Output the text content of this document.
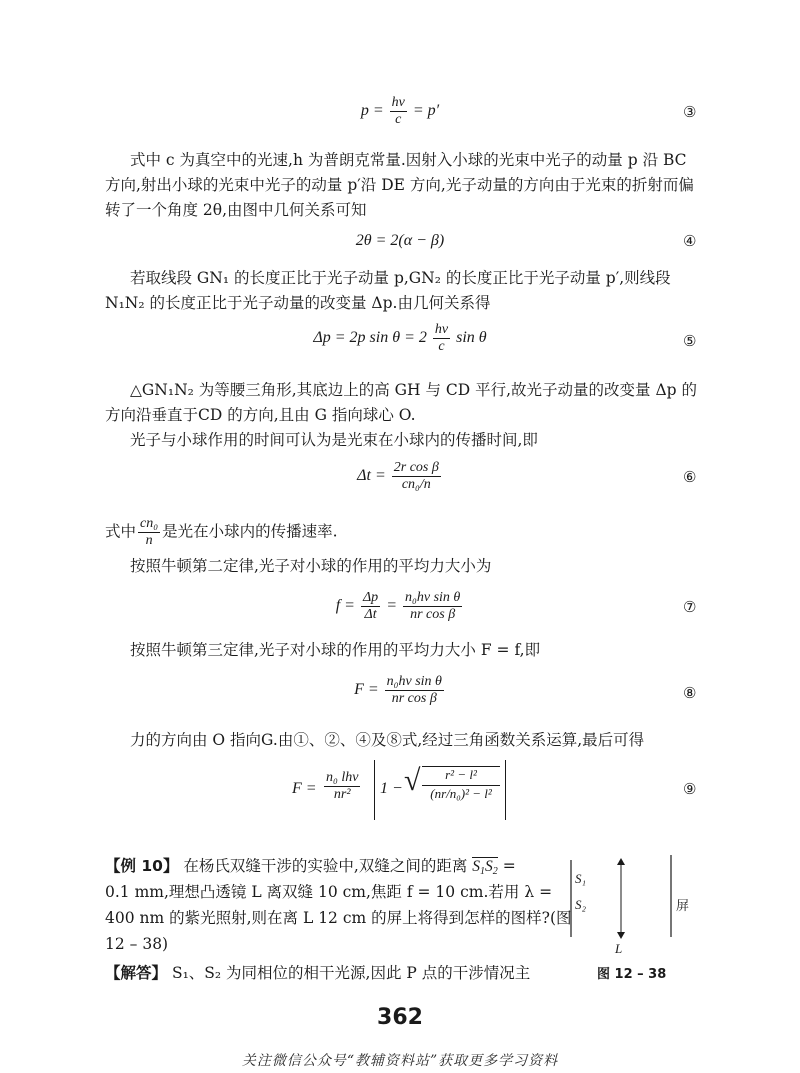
$p = \frac{h\nu}{c} = p'$	③
式中 c 为真空中的光速,h 为普朗克常量.因射入小球的光束中光子的动量 p 沿 BC
方向,射出小球的光束中光子的动量 p′沿 DE 方向,光子动量的方向由于光束的折射而偏
转了一个角度 2θ,由图中几何关系可知
2θ = 2(α − β)	④
若取线段 GN₁ 的长度正比于光子动量 p,GN₂ 的长度正比于光子动量 p′,则线段
N₁N₂ 的长度正比于光子动量的改变量 Δp.由几何关系得
Δp = 2p $\sin \theta = 2 \frac{h\nu}{c}$ sin θ	⑤
△GN₁N₂ 为等腰三角形,其底边上的高 GH 与 CD 平行,故光子动量的改变量 Δp 的
方向沿垂直于CD 的方向,且由 G 指向球心 O.
光子与小球作用的时间可认为是光束在小球内的传播时间,即
$\Delta t = \frac{\text{2r cos β}}{\text{cn₀/n}}$	⑥
式中 $\frac{\text{cn₀}}{n}$ 是光在小球内的传播速率.
按照牛顿第二定律,光子对小球的作用的平均力大小为
$f = \frac{\Delta p}{\Delta t} = \frac{\text{n₀hν sin θ}}{\text{nr cos β}}$	⑦
按照牛顿第三定律,光子对小球的作用的平均力大小 F = f,即
$F = \frac{\text{n₀hν sin θ}}{\text{nr cos β}}$	⑧
力的方向由 O 指向G.由①、②、④及⑧式,经过三角函数关系运算,最后可得
F =
n₀ lhν
nr²	1 − √	r² − l²
(nr/n₀)² − l²	⑨
【例 10】 在杨氏双缝干涉的实验中,双缝之间的距离 $S_1S_2$ =
0.1 mm,理想凸透镜 L 离双缝 10 cm,焦距 f = 10 cm.若用 λ =
400 nm 的紫光照射,则在离 L 12 cm 的屏上将得到怎样的图样?(图
12 – 38)
【解答】 S₁、S₂ 为同相位的相干光源,因此 P 点的干涉情况主
S₁
S₂
L
屏
图 12 – 38
362
关注微信公众号“教辅资料站”获取更多学习资料
